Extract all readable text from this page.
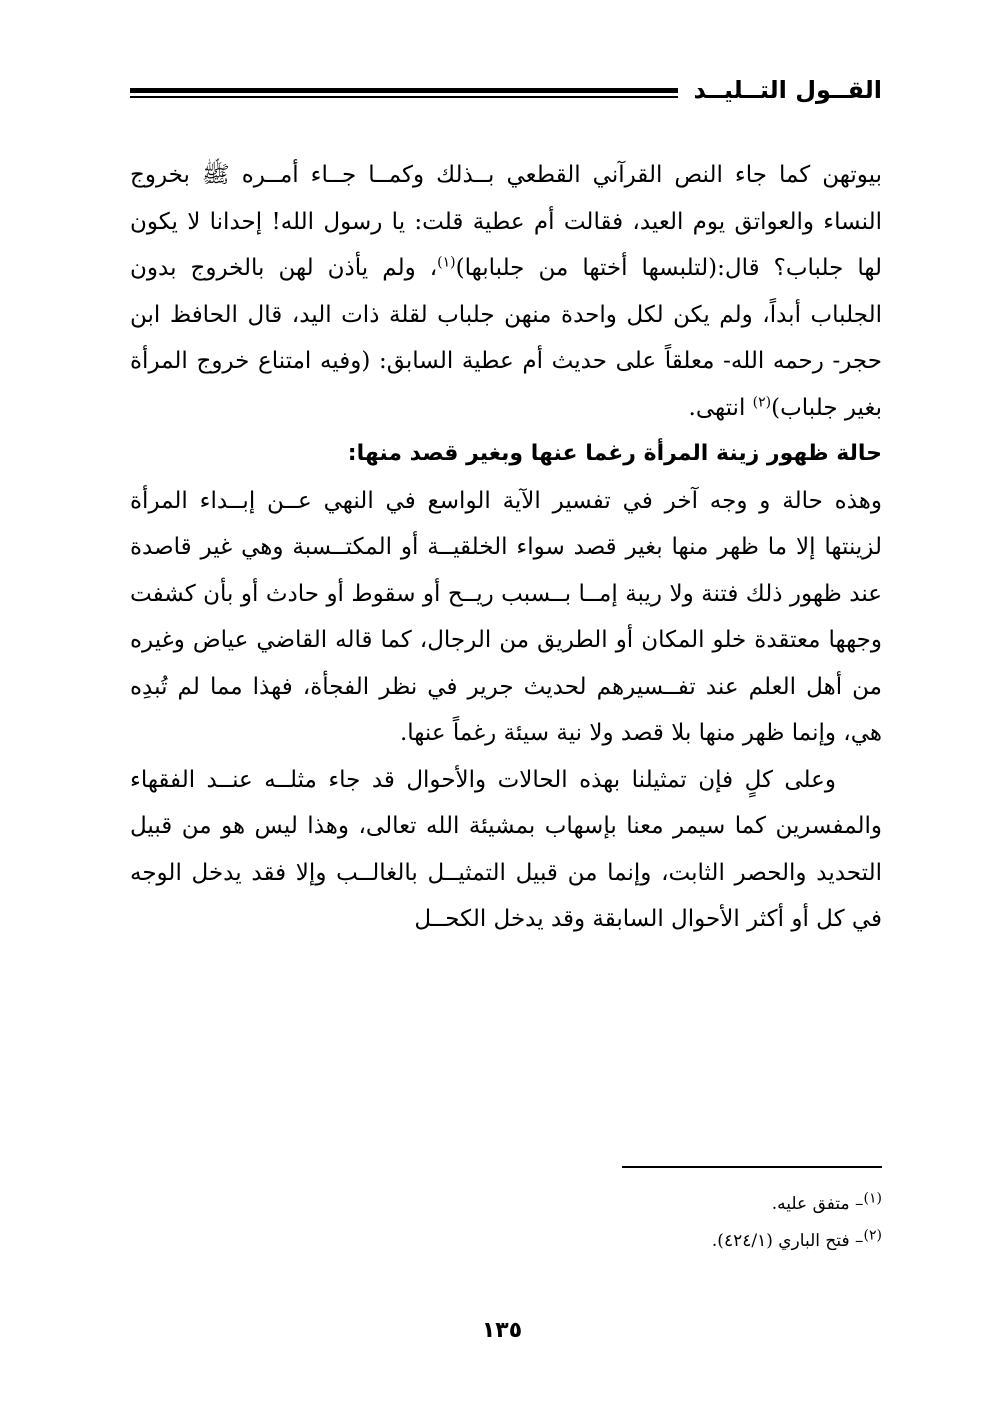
القــول التــليــد

بيوتهن كما جاء النص القرآني القطعي بــذلك وكمــا جــاء أمــره ﷺ بخروج النساء والعواتق يوم العيد، فقالت أم عطية قلت: يا رسول الله! إحدانا لا يكون لها جلباب؟ قال:(لتلبسها أختها من جلبابها)$^{(١)}$، ولم يأذن لهن بالخروج بدون الجلباب أبداً، ولم يكن لكل واحدة منهن جلباب لقلة ذات اليد، قال الحافظ ابن حجر- رحمه الله- معلقاً على حديث أم عطية السابق: (وفيه امتناع خروج المرأة بغير جلباب)$^{(٢)}$ انتهى.

حالة ظهور زينة المرأة رغما عنها وبغير قصد منها:

وهذه حالة و وجه آخر في تفسير الآية الواسع في النهي عــن إبــداء المرأة لزينتها إلا ما ظهر منها بغير قصد سواء الخلقيــة أو المكتــسبة وهي غير قاصدة عند ظهور ذلك فتنة ولا ريبة إمــا بــسبب ريــح أو سقوط أو حادث أو بأن كشفت وجهها معتقدة خلو المكان أو الطريق من الرجال، كما قاله القاضي عياض وغيره من أهل العلم عند تفــسيرهم لحديث جرير في نظر الفجأة، فهذا مما لم تُبدِه هي، وإنما ظهر منها بلا قصد ولا نية سيئة رغماً عنها.

وعلى كلٍ فإن تمثيلنا بهذه الحالات والأحوال قد جاء مثلــه عنــد الفقهاء والمفسرين كما سيمر معنا بإسهاب بمشيئة الله تعالى، وهذا ليس هو من قبيل التحديد والحصر الثابت، وإنما من قبيل التمثيــل بالغالــب وإلا فقد يدخل الوجه في كل أو أكثر الأحوال السابقة وقد يدخل الكحــل

$^{(١)}$– متفق عليه.

$^{(٢)}$– فتح الباري (٤٢٤/١).

١٣٥
